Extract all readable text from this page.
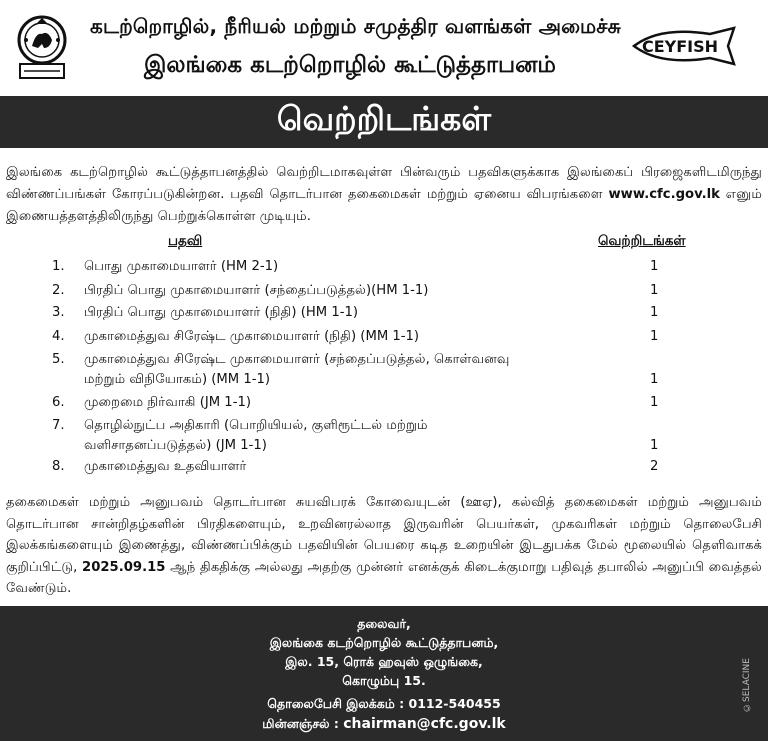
கடற்றொழில், நீரியல் மற்றும் சமுத்திர வளங்கள் அமைச்சு
இலங்கை கடற்றொழில் கூட்டுத்தாபனம்
CEYFISH
வெற்றிடங்கள்
இலங்கை கடற்றொழில் கூட்டுத்தாபனத்தில் வெற்றிடமாகவுள்ள பின்வரும் பதவிகளுக்காக இலங்கைப் பிரஜைகளிடமிருந்து விண்ணப்பங்கள் கோரப்படுகின்றன. பதவி தொடர்பான தகைமைகள் மற்றும் ஏனைய விபரங்களை www.cfc.gov.lk எனும் இணையத்தளத்திலிருந்து பெற்றுக்கொள்ள முடியும்.
பதவி	வெற்றிடங்கள்
1. பொது முகாமையாளர் (HM 2-1)	1
2. பிரதிப் பொது முகாமையாளர் (சந்தைப்படுத்தல்)(HM 1-1)	1
3. பிரதிப் பொது முகாமையாளர் (நிதி) (HM 1-1)	1
4. முகாமைத்துவ சிரேஷ்ட முகாமையாளர் (நிதி) (MM 1-1)	1
5. முகாமைத்துவ சிரேஷ்ட முகாமையாளர் (சந்தைப்படுத்தல், கொள்வனவு மற்றும் விநியோகம்) (MM 1-1)	1
6. முறைமை நிர்வாகி (JM 1-1)	1
7. தொழில்நுட்ப அதிகாரி (பொறியியல், குளிரூட்டல் மற்றும் வளிசாதனப்படுத்தல்) (JM 1-1)	1
8. முகாமைத்துவ உதவியாளர்	2
தகைமைகள் மற்றும் அனுபவம் தொடர்பான சுயவிபரக் கோவையுடன் (ஊஏ), கல்வித் தகைமைகள் மற்றும் அனுபவம் தொடர்பான சான்றிதழ்களின் பிரதிகளையும், உறவினரல்லாத இருவரின் பெயர்கள், முகவரிகள் மற்றும் தொலைபேசி இலக்கங்களையும் இணைத்து, விண்ணப்பிக்கும் பதவியின் பெயரை கடித உறையின் இடதுபக்க மேல் மூலையில் தெளிவாகக் குறிப்பிட்டு, 2025.09.15 ஆந் திகதிக்கு அல்லது அதற்கு முன்னர் எனக்குக் கிடைக்குமாறு பதிவுத் தபாலில் அனுப்பி வைத்தல் வேண்டும்.
தலைவர்,
இலங்கை கடற்றொழில் கூட்டுத்தாபனம்,
இல. 15, ரொக் ஹவுஸ் ஒழுங்கை,
கொழும்பு 15.
தொலைபேசி இலக்கம் : 0112-540455
மின்னஞ்சல் : chairman@cfc.gov.lk
©SELACINE
